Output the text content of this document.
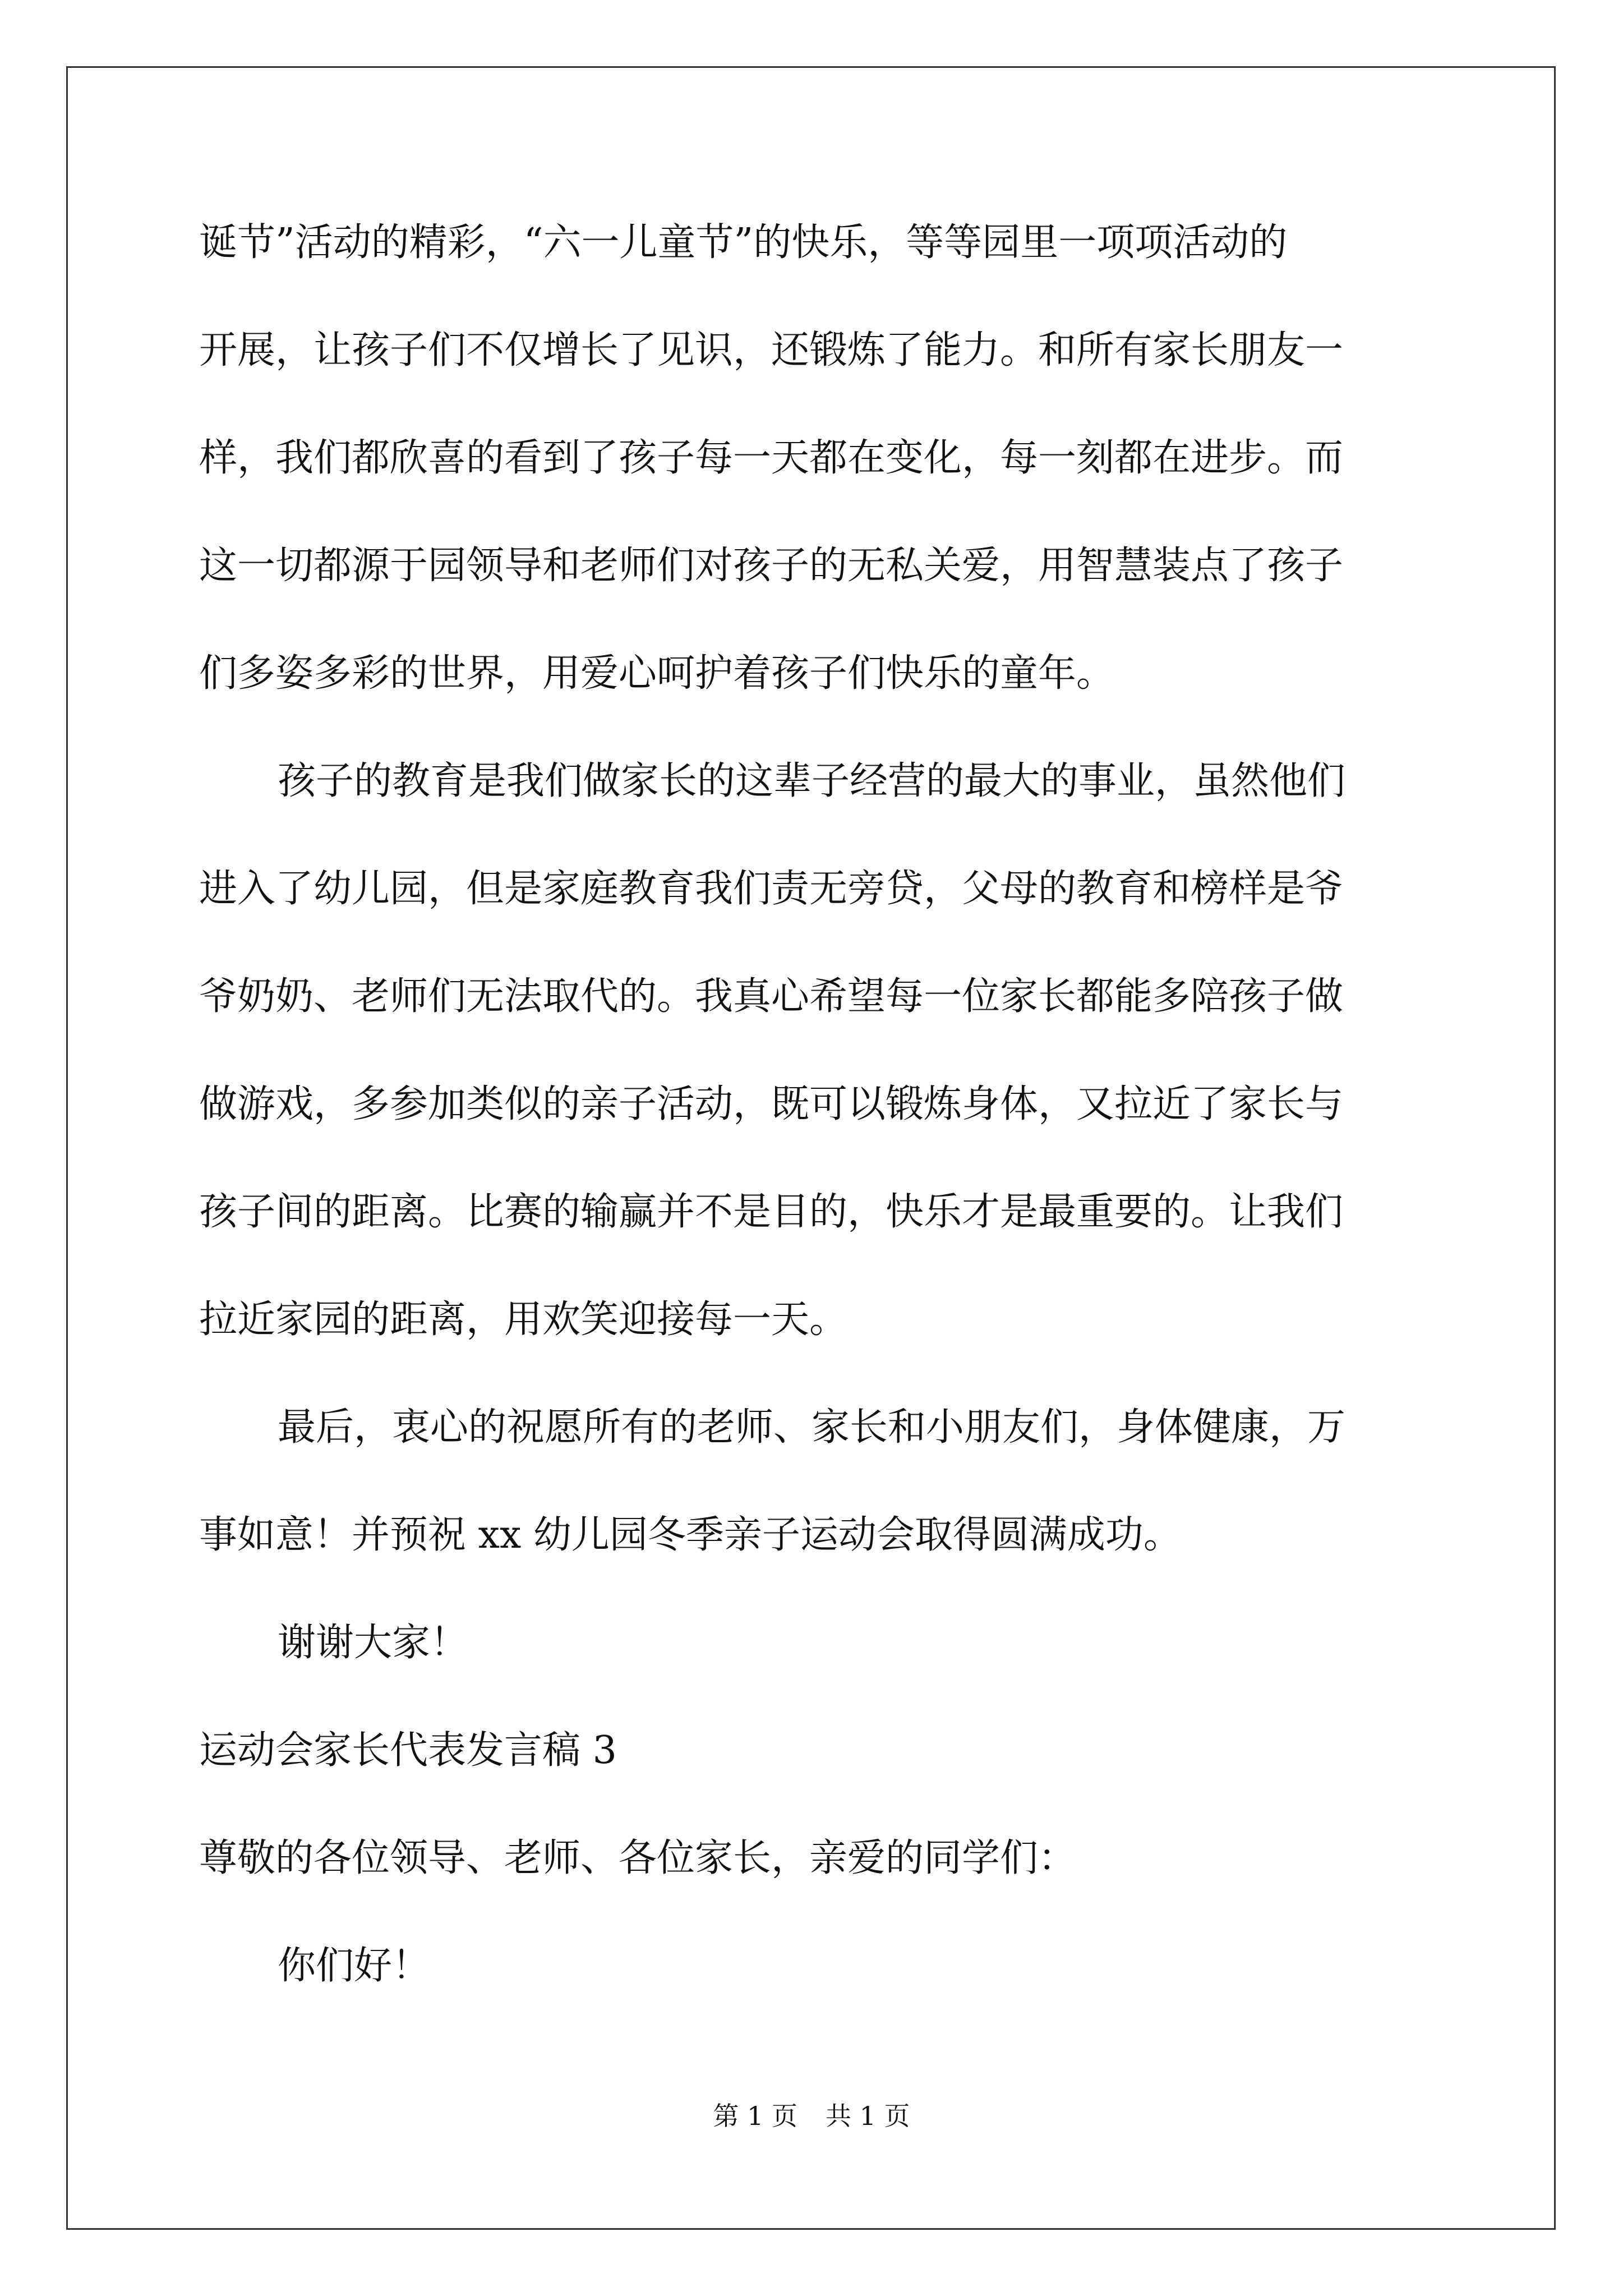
诞节”活动的精彩，“六一儿童节”的快乐，等等园里一项项活动的
开展，让孩子们不仅增长了见识，还锻炼了能力。和所有家长朋友一
样，我们都欣喜的看到了孩子每一天都在变化，每一刻都在进步。而
这一切都源于园领导和老师们对孩子的无私关爱，用智慧装点了孩子
们多姿多彩的世界，用爱心呵护着孩子们快乐的童年。
孩子的教育是我们做家长的这辈子经营的最大的事业，虽然他们
进入了幼儿园，但是家庭教育我们责无旁贷，父母的教育和榜样是爷
爷奶奶、老师们无法取代的。我真心希望每一位家长都能多陪孩子做
做游戏，多参加类似的亲子活动，既可以锻炼身体，又拉近了家长与
孩子间的距离。比赛的输赢并不是目的，快乐才是最重要的。让我们
拉近家园的距离，用欢笑迎接每一天。
最后，衷心的祝愿所有的老师、家长和小朋友们，身体健康，万
事如意！并预祝 xx 幼儿园冬季亲子运动会取得圆满成功。
谢谢大家！
运动会家长代表发言稿 3
尊敬的各位领导、老师、各位家长，亲爱的同学们：
你们好！
第 1 页 共 1 页
